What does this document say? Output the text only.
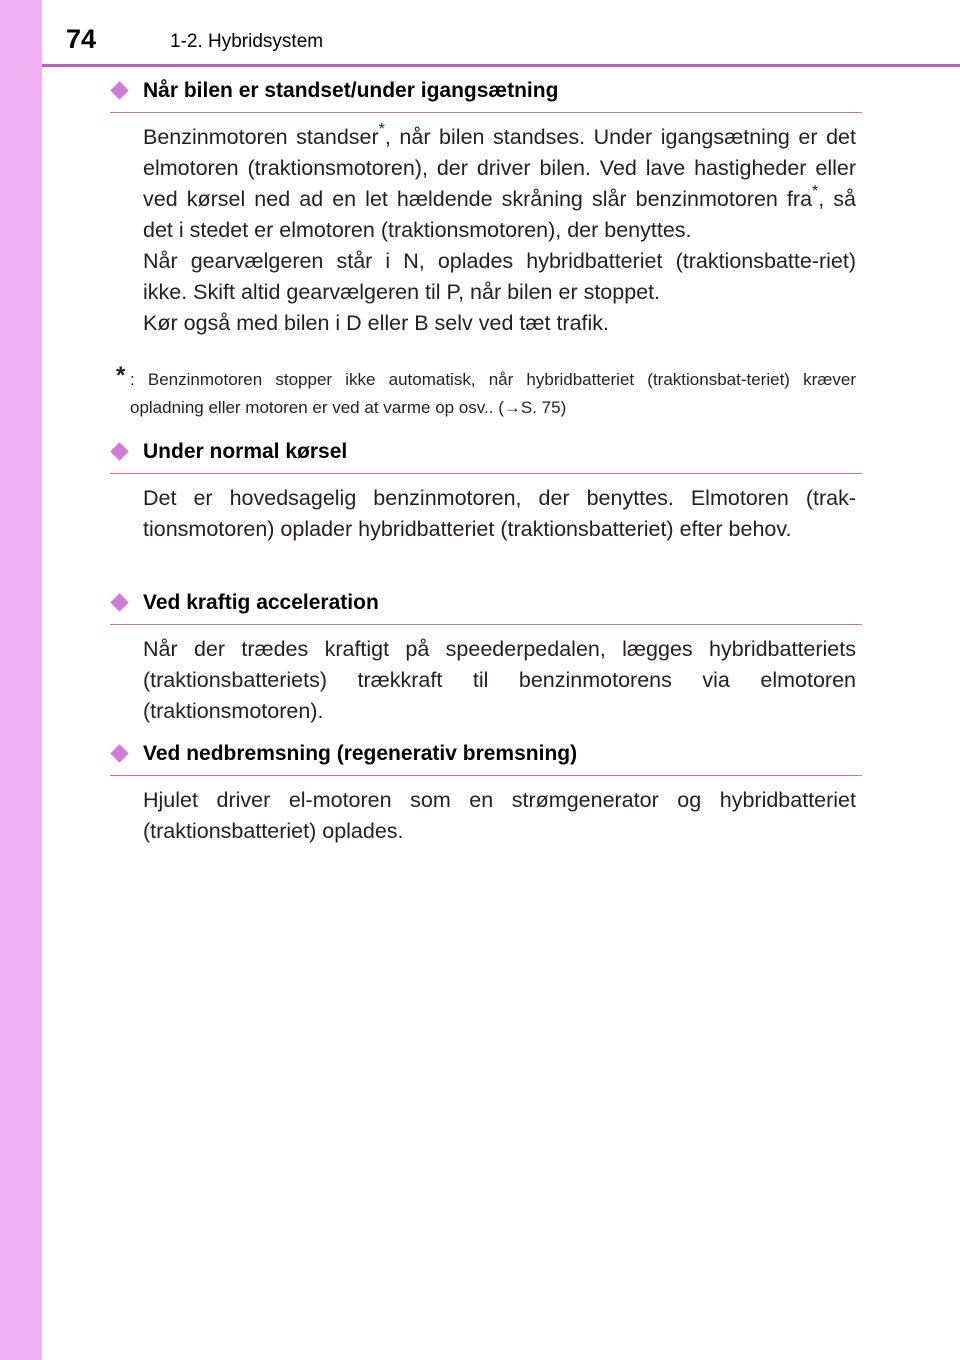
74	1-2. Hybridsystem
Når bilen er standset/under igangsætning

Benzinmotoren standser*, når bilen standses. Under igangsætning er det elmotoren (traktionsmotoren), der driver bilen. Ved lave hastigheder eller ved kørsel ned ad en let hældende skråning slår benzinmotoren fra*, så det i stedet er elmotoren (traktionsmotoren), der benyttes.

Når gearvælgeren står i N, oplades hybridbatteriet (traktionsbatte-riet) ikke. Skift altid gearvælgeren til P, når bilen er stoppet.

Kør også med bilen i D eller B selv ved tæt trafik.

* : Benzinmotoren stopper ikke automatisk, når hybridbatteriet (traktionsbat-teriet) kræver opladning eller motoren er ved at varme op osv.. (→S. 75)
Under normal kørsel

Det er hovedsagelig benzinmotoren, der benyttes. Elmotoren (trak-tionsmotoren) oplader hybridbatteriet (traktionsbatteriet) efter behov.

Ved kraftig acceleration

Når der trædes kraftigt på speederpedalen, lægges hybridbatteriets (traktionsbatteriets) trækkraft til benzinmotorens via elmotoren (traktionsmotoren).

Ved nedbremsning (regenerativ bremsning)

Hjulet driver el-motoren som en strømgenerator og hybridbatteriet (traktionsbatteriet) oplades.
